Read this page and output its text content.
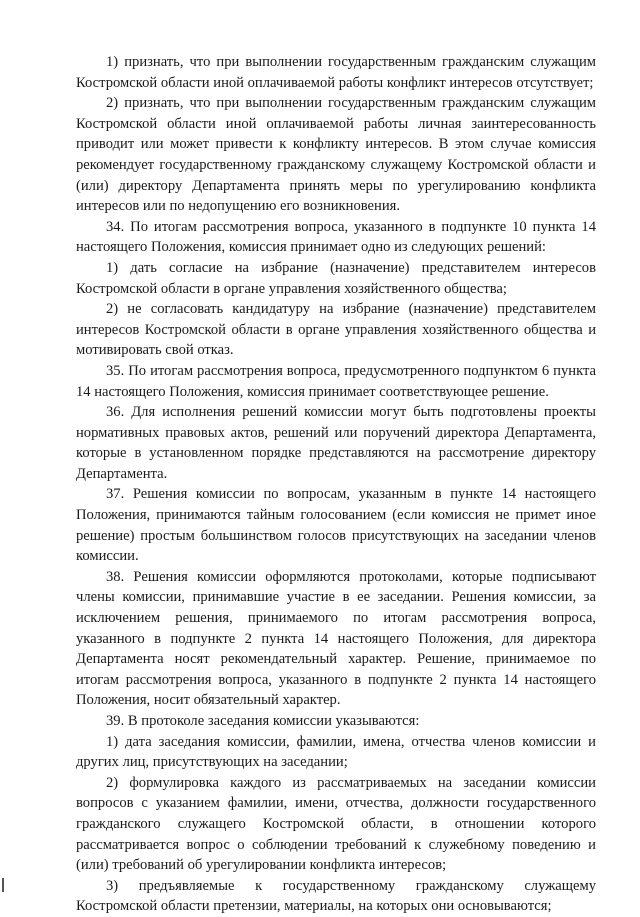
1) признать, что при выполнении государственным гражданским служащим Костромской области иной оплачиваемой работы конфликт интересов отсутствует;

2) признать, что при выполнении государственным гражданским служащим Костромской области иной оплачиваемой работы личная заинтересованность приводит или может привести к конфликту интересов. В этом случае комиссия рекомендует государственному гражданскому служащему Костромской области и (или) директору Департамента принять меры по урегулированию конфликта интересов или по недопущению его возникновения.

34. По итогам рассмотрения вопроса, указанного в подпункте 10 пункта 14 настоящего Положения, комиссия принимает одно из следующих решений:

1) дать согласие на избрание (назначение) представителем интересов Костромской области в органе управления хозяйственного общества;

2) не согласовать кандидатуру на избрание (назначение) представителем интересов Костромской области в органе управления хозяйственного общества и мотивировать свой отказ.

35. По итогам рассмотрения вопроса, предусмотренного подпунктом 6 пункта 14 настоящего Положения, комиссия принимает соответствующее решение.

36. Для исполнения решений комиссии могут быть подготовлены проекты нормативных правовых актов, решений или поручений директора Департамента, которые в установленном порядке представляются на рассмотрение директору Департамента.

37. Решения комиссии по вопросам, указанным в пункте 14 настоящего Положения, принимаются тайным голосованием (если комиссия не примет иное решение) простым большинством голосов присутствующих на заседании членов комиссии.

38. Решения комиссии оформляются протоколами, которые подписывают члены комиссии, принимавшие участие в ее заседании. Решения комиссии, за исключением решения, принимаемого по итогам рассмотрения вопроса, указанного в подпункте 2 пункта 14 настоящего Положения, для директора Департамента носят рекомендательный характер. Решение, принимаемое по итогам рассмотрения вопроса, указанного в подпункте 2 пункта 14 настоящего Положения, носит обязательный характер.

39. В протоколе заседания комиссии указываются:

1) дата заседания комиссии, фамилии, имена, отчества членов комиссии и других лиц, присутствующих на заседании;

2) формулировка каждого из рассматриваемых на заседании комиссии вопросов с указанием фамилии, имени, отчества, должности государственного гражданского служащего Костромской области, в отношении которого рассматривается вопрос о соблюдении требований к служебному поведению и (или) требований об урегулировании конфликта интересов;

3) предъявляемые к государственному гражданскому служащему Костромской области претензии, материалы, на которых они основываются;
